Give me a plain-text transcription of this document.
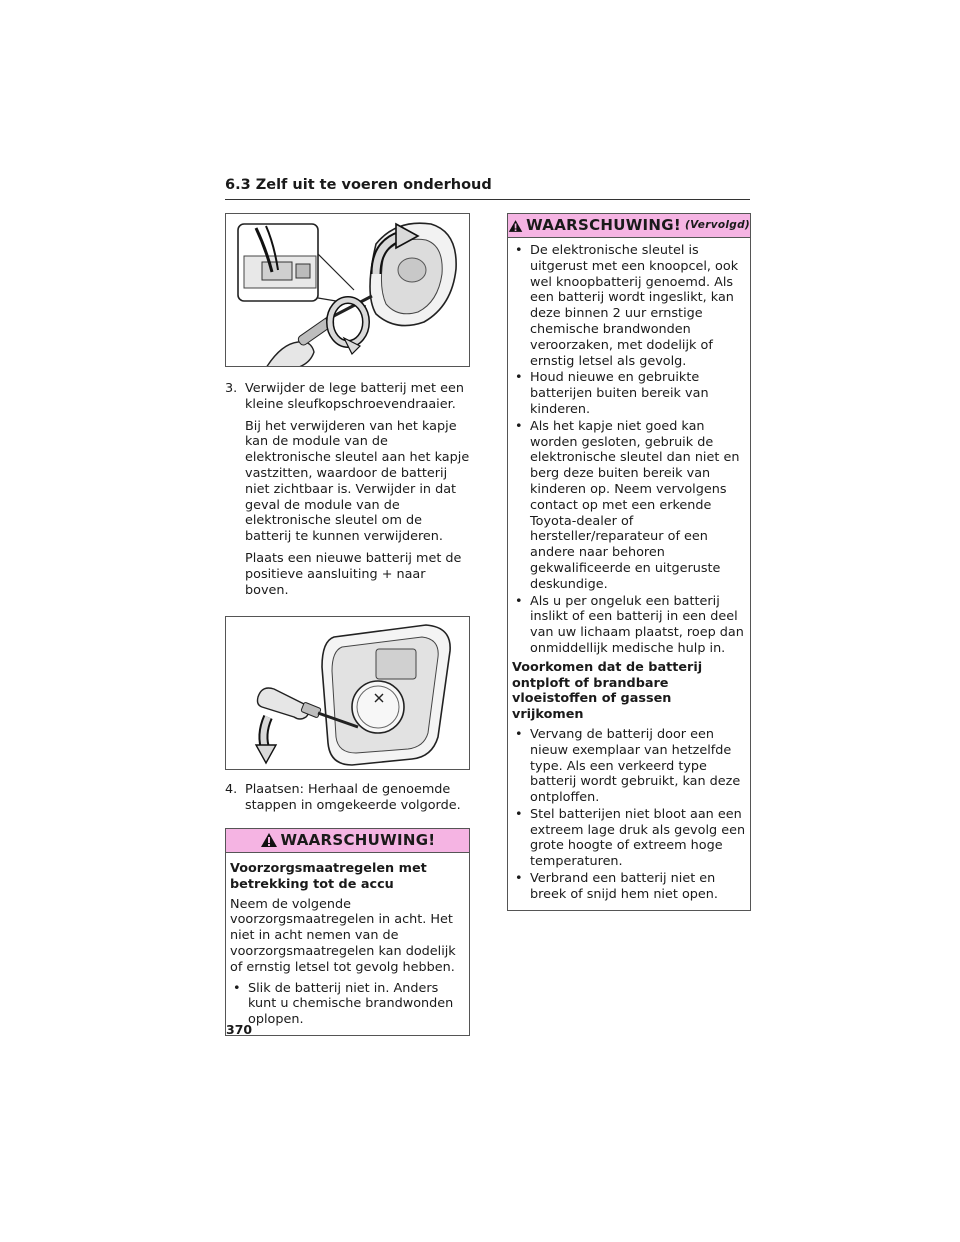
6.3 Zelf uit te voeren onderhoud
3. Verwijder de lege batterij met een kleine sleufkopschroevendraaier.

Bij het verwijderen van het kapje kan de module van de elektronische sleutel aan het kapje vastzitten, waardoor de batterij niet zichtbaar is. Verwijder in dat geval de module van de elektronische sleutel om de batterij te kunnen verwijderen.

Plaats een nieuwe batterij met de positieve aansluiting + naar boven.

4. Plaatsen: Herhaal de genoemde stappen in omgekeerde volgorde.

WAARSCHUWING!

Voorzorgsmaatregelen met betrekking tot de accu

Neem de volgende voorzorgsmaatregelen in acht. Het niet in acht nemen van de voorzorgsmaatregelen kan dodelijk of ernstig letsel tot gevolg hebben.

• Slik de batterij niet in. Anders kunt u chemische brandwonden oplopen.
WAARSCHUWING! (Vervolgd)
• De elektronische sleutel is uitgerust met een knoopcel, ook wel knoopbatterij genoemd. Als een batterij wordt ingeslikt, kan deze binnen 2 uur ernstige chemische brandwonden veroorzaken, met dodelijk of ernstig letsel als gevolg.
• Houd nieuwe en gebruikte batterijen buiten bereik van kinderen.
• Als het kapje niet goed kan worden gesloten, gebruik de elektronische sleutel dan niet en berg deze buiten bereik van kinderen op. Neem vervolgens contact op met een erkende Toyota-dealer of hersteller/reparateur of een andere naar behoren gekwalificeerde en uitgeruste deskundige.
• Als u per ongeluk een batterij inslikt of een batterij in een deel van uw lichaam plaatst, roep dan onmiddellijk medische hulp in.

Voorkomen dat de batterij ontploft of brandbare vloeistoffen of gassen vrijkomen

• Vervang de batterij door een nieuw exemplaar van hetzelfde type. Als een verkeerd type batterij wordt gebruikt, kan deze ontploffen.
• Stel batterijen niet bloot aan een extreem lage druk als gevolg een grote hoogte of extreem hoge temperaturen.
• Verbrand een batterij niet en breek of snijd hem niet open.
370
